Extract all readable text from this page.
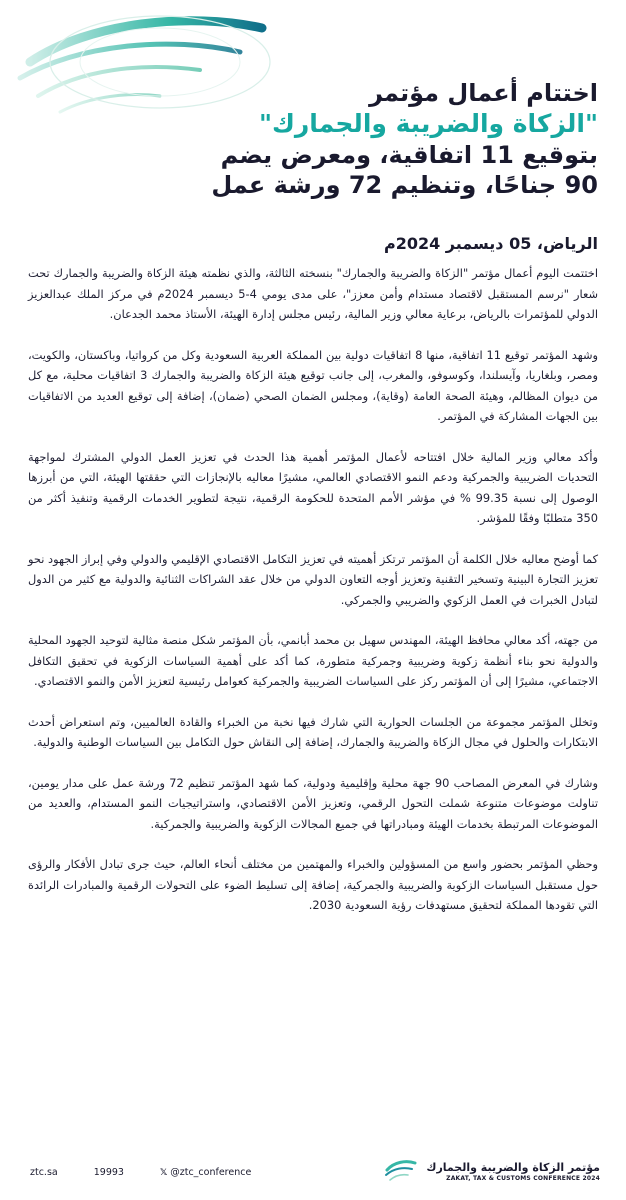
اختتام أعمال مؤتمر

"الزكاة والضريبة والجمارك"

بتوقيع 11 اتفاقية، ومعرض يضم

90 جناحًا، وتنظيم 72 ورشة عمل

الرياض، 05 ديسمبر 2024م

اختتمت اليوم أعمال مؤتمر "الزكاة والضريبة والجمارك" بنسخته الثالثة، والذي نظمته هيئة الزكاة والضريبة والجمارك تحت شعار "نرسم المستقبل لاقتصاد مستدام وأمن معزز"، على مدى يومي 4-5 ديسمبر 2024م في مركز الملك عبدالعزيز الدولي للمؤتمرات بالرياض، برعاية معالي وزير المالية، رئيس مجلس إدارة الهيئة، الأستاذ محمد الجدعان.

وشهد المؤتمر توقيع 11 اتفاقية، منها 8 اتفاقيات دولية بين المملكة العربية السعودية وكل من كرواتيا، وباكستان، والكويت، ومصر، وبلغاريا، وآيسلندا، وكوسوفو، والمغرب، إلى جانب توقيع هيئة الزكاة والضريبة والجمارك 3 اتفاقيات محلية، مع كل من ديوان المظالم، وهيئة الصحة العامة (وقاية)، ومجلس الضمان الصحي (ضمان)، إضافة إلى توقيع العديد من الاتفاقيات بين الجهات المشاركة في المؤتمر.

وأكد معالي وزير المالية خلال افتتاحه لأعمال المؤتمر أهمية هذا الحدث في تعزيز العمل الدولي المشترك لمواجهة التحديات الضريبية والجمركية ودعم النمو الاقتصادي العالمي، مشيرًا معاليه بالإنجازات التي حققتها الهيئة، التي من أبرزها الوصول إلى نسبة 99.35 % في مؤشر الأمم المتحدة للحكومة الرقمية، نتيجة لتطوير الخدمات الرقمية وتنفيذ أكثر من 350 متطلبًا وفقًا للمؤشر.

كما أوضح معاليه خلال الكلمة أن المؤتمر ترتكز أهميته في تعزيز التكامل الاقتصادي الإقليمي والدولي وفي إبراز الجهود نحو تعزيز التجارة البينية وتسخير التقنية وتعزيز أوجه التعاون الدولي من خلال عقد الشراكات الثنائية والدولية مع كثير من الدول لتبادل الخبرات في العمل الزكوي والضريبي والجمركي.

من جهته، أكد معالي محافظ الهيئة، المهندس سهيل بن محمد أبانمي، بأن المؤتمر شكل منصة مثالية لتوحيد الجهود المحلية والدولية نحو بناء أنظمة زكوية وضريبية وجمركية متطورة، كما أكد على أهمية السياسات الزكوية في تحقيق التكافل الاجتماعي، مشيرًا إلى أن المؤتمر ركز على السياسات الضريبية والجمركية كعوامل رئيسية لتعزيز الأمن والنمو الاقتصادي.

وتخلل المؤتمر مجموعة من الجلسات الحوارية التي شارك فيها نخبة من الخبراء والقادة العالميين، وتم استعراض أحدث الابتكارات والحلول في مجال الزكاة والضريبة والجمارك، إضافة إلى النقاش حول التكامل بين السياسات الوطنية والدولية.

وشارك في المعرض المصاحب 90 جهة محلية وإقليمية ودولية، كما شهد المؤتمر تنظيم 72 ورشة عمل على مدار يومين، تناولت موضوعات متنوعة شملت التحول الرقمي، وتعزيز الأمن الاقتصادي، واستراتيجيات النمو المستدام، والعديد من الموضوعات المرتبطة بخدمات الهيئة ومبادراتها في جميع المجالات الزكوية والضريبية والجمركية.

وحظي المؤتمر بحضور واسع من المسؤولين والخبراء والمهتمين من مختلف أنحاء العالم، حيث جرى تبادل الأفكار والرؤى حول مستقبل السياسات الزكوية والضريبية والجمركية، إضافة إلى تسليط الضوء على التحولات الرقمية والمبادرات الرائدة التي تقودها المملكة لتحقيق مستهدفات رؤية السعودية 2030.

ztc.sa	19993	𝕏 @ztc_conference	مؤتمر الزكاة والضريبة والجمارك
ZAKAT, TAX & CUSTOMS CONFERENCE 2024
